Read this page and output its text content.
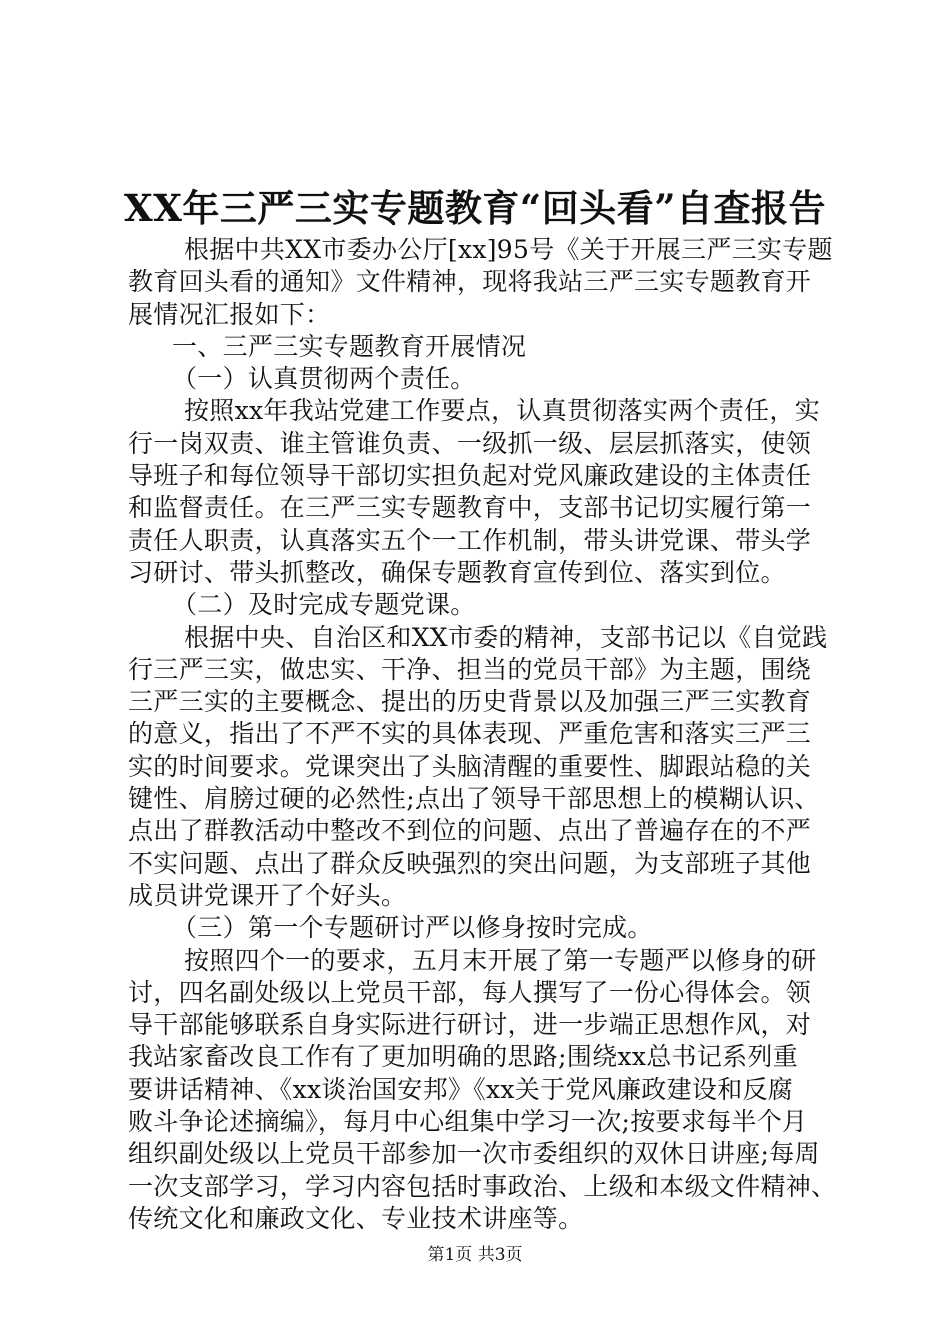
XX年三严三实专题教育“回头看”自查报告
根据中共XX市委办公厅[xx]95号《关于开展三严三实专题
教育回头看的通知》文件精神，现将我站三严三实专题教育开
展情况汇报如下：
一、三严三实专题教育开展情况
（一）认真贯彻两个责任。
按照xx年我站党建工作要点，认真贯彻落实两个责任，实
行一岗双责、谁主管谁负责、一级抓一级、层层抓落实，使领
导班子和每位领导干部切实担负起对党风廉政建设的主体责任
和监督责任。在三严三实专题教育中，支部书记切实履行第一
责任人职责，认真落实五个一工作机制，带头讲党课、带头学
习研讨、带头抓整改，确保专题教育宣传到位、落实到位。
（二）及时完成专题党课。
根据中央、自治区和XX市委的精神，支部书记以《自觉践
行三严三实，做忠实、干净、担当的党员干部》为主题，围绕
三严三实的主要概念、提出的历史背景以及加强三严三实教育
的意义，指出了不严不实的具体表现、严重危害和落实三严三
实的时间要求。党课突出了头脑清醒的重要性、脚跟站稳的关
键性、肩膀过硬的必然性;点出了领导干部思想上的模糊认识、
点出了群教活动中整改不到位的问题、点出了普遍存在的不严
不实问题、点出了群众反映强烈的突出问题，为支部班子其他
成员讲党课开了个好头。
（三）第一个专题研讨严以修身按时完成。
按照四个一的要求，五月末开展了第一专题严以修身的研
讨，四名副处级以上党员干部，每人撰写了一份心得体会。领
导干部能够联系自身实际进行研讨，进一步端正思想作风，对
我站家畜改良工作有了更加明确的思路;围绕xx总书记系列重
要讲话精神、《xx谈治国安邦》《xx关于党风廉政建设和反腐
败斗争论述摘编》，每月中心组集中学习一次;按要求每半个月
组织副处级以上党员干部参加一次市委组织的双休日讲座;每周
一次支部学习，学习内容包括时事政治、上级和本级文件精神、
传统文化和廉政文化、专业技术讲座等。
第1页 共3页
